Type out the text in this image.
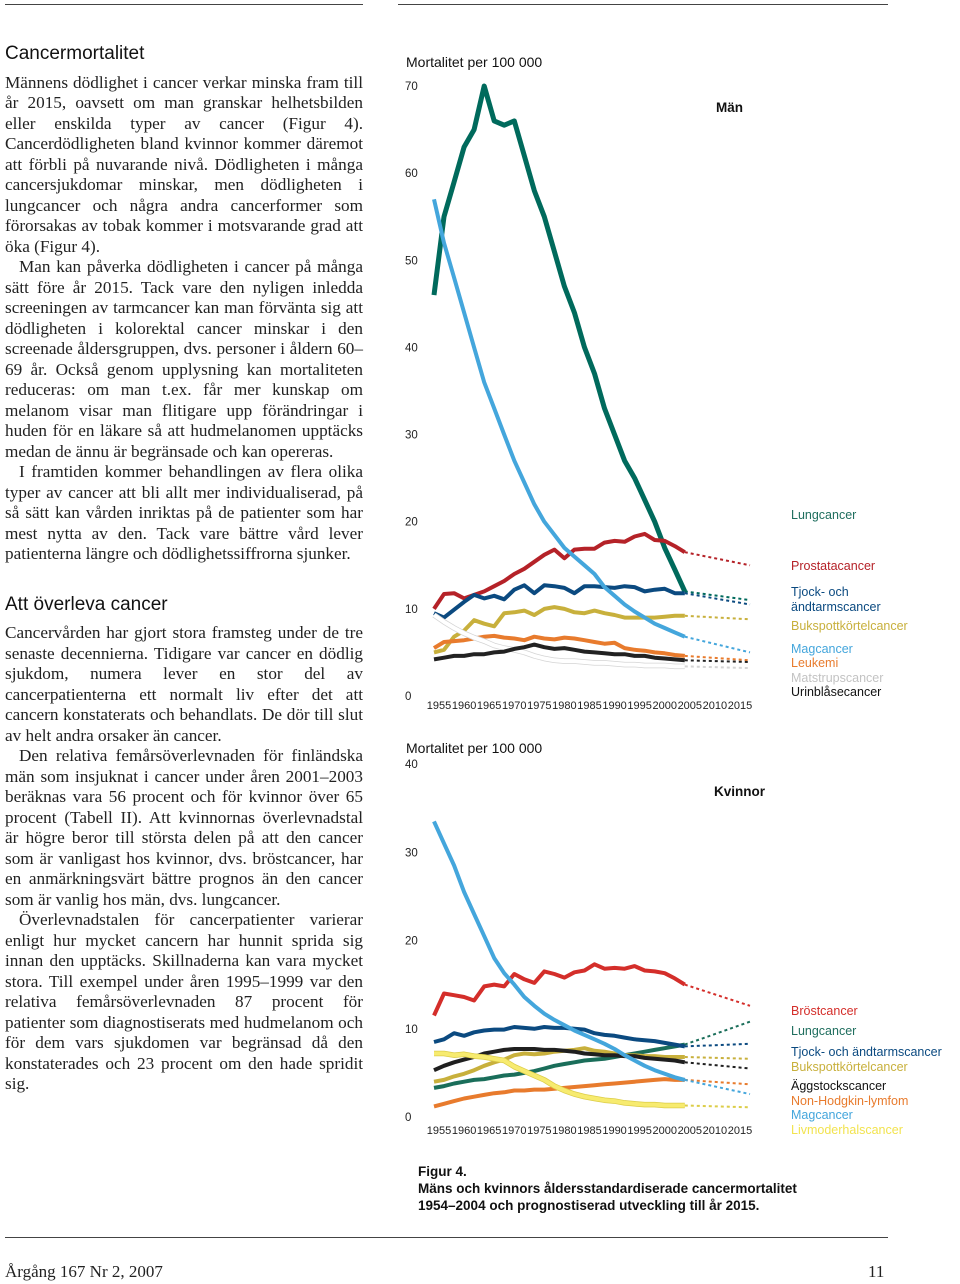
Cancermortalitet

Männens dödlighet i cancer verkar minska fram till år 2015, oavsett om man granskar helhetsbilden eller enskilda typer av cancer (Figur 4). Cancerdödligheten bland kvinnor kommer däremot att förbli på nuvarande nivå. Dödligheten i många cancersjukdomar minskar, men dödligheten i lungcancer och några andra cancerformer som förorsakas av tobak kommer i motsvarande grad att öka (Figur 4).

Man kan påverka dödligheten i cancer på många sätt före år 2015. Tack vare den nyligen inledda screeningen av tarmcancer kan man förvänta sig att dödligheten i kolorektal cancer minskar i den screenade åldersgruppen, dvs. personer i åldern 60–69 år. Också genom upplysning kan mortaliteten reduceras: om man t.ex. får mer kunskap om melanom visar man flitigare upp förändringar i huden för en läkare så att hudmelanomen upptäcks medan de ännu är begränsade och kan opereras.

I framtiden kommer behandlingen av flera olika typer av cancer att bli allt mer individualiserad, på så sätt kan vården inriktas på de patienter som har mest nytta av den. Tack vare bättre vård lever patienterna längre och dödlighetssiffrorna sjunker.

Att överleva cancer

Cancervården har gjort stora framsteg under de tre senaste decennierna. Tidigare var cancer en dödlig sjukdom, numera lever en stor del av cancerpatienterna ett normalt liv efter det att cancern konstaterats och behandlats. De dör till slut av helt andra orsaker än cancer.

Den relativa femårsöverlevnaden för finländska män som insjuknat i cancer under åren 2001–2003 beräknas vara 56 procent och för kvinnor över 65 procent (Tabell II). Att kvinnornas överlevnadstal är högre beror till största delen på att den cancer som är vanligast hos kvinnor, dvs. bröstcancer, har en anmärkningsvärt bättre prognos än den cancer som är vanlig hos män, dvs. lungcancer.

Överlevnadstalen för cancerpatienter varierar enligt hur mycket cancern har hunnit sprida sig innan den upptäcks. Skillnaderna kan vara mycket stora. Till exempel under åren 1995–1999 var den relativa femårsöverlevnaden 87 procent för patienter som diagnostiserats med hudmelanom och för dem vars sjukdomen var begränsad då den konstaterades och 23 procent om den hade spridit sig.

Mortalitet per 100 000
Män
0
10
20
30
40
50
60
70
1955 1960 1965 1970 1975 1980 1985 1990 1995 2000 2005 2010 2015
Lungcancer
Prostatacancer
Tjock- och
ändtarmscancer
Bukspottkörtelcancer
Magcancer
Leukemi
Matstrupscancer
Urinblåsecancer
Mortalitet per 100 000
Kvinnor
0
10
20
30
40
1955 1960 1965 1970 1975 1980 1985 1990 1995 2000 2005 2010 2015
Bröstcancer
Lungcancer
Tjock- och ändtarmscancer
Bukspottkörtelcancer
Äggstockscancer
Non-Hodgkin-lymfom
Magcancer
Livmoderhalscancer
Figur 4.
Mäns och kvinnors åldersstandardiserade cancermortalitet
1954–2004 och prognostiserad utveckling till år 2015.
Årgång 167 Nr 2, 2007	11
